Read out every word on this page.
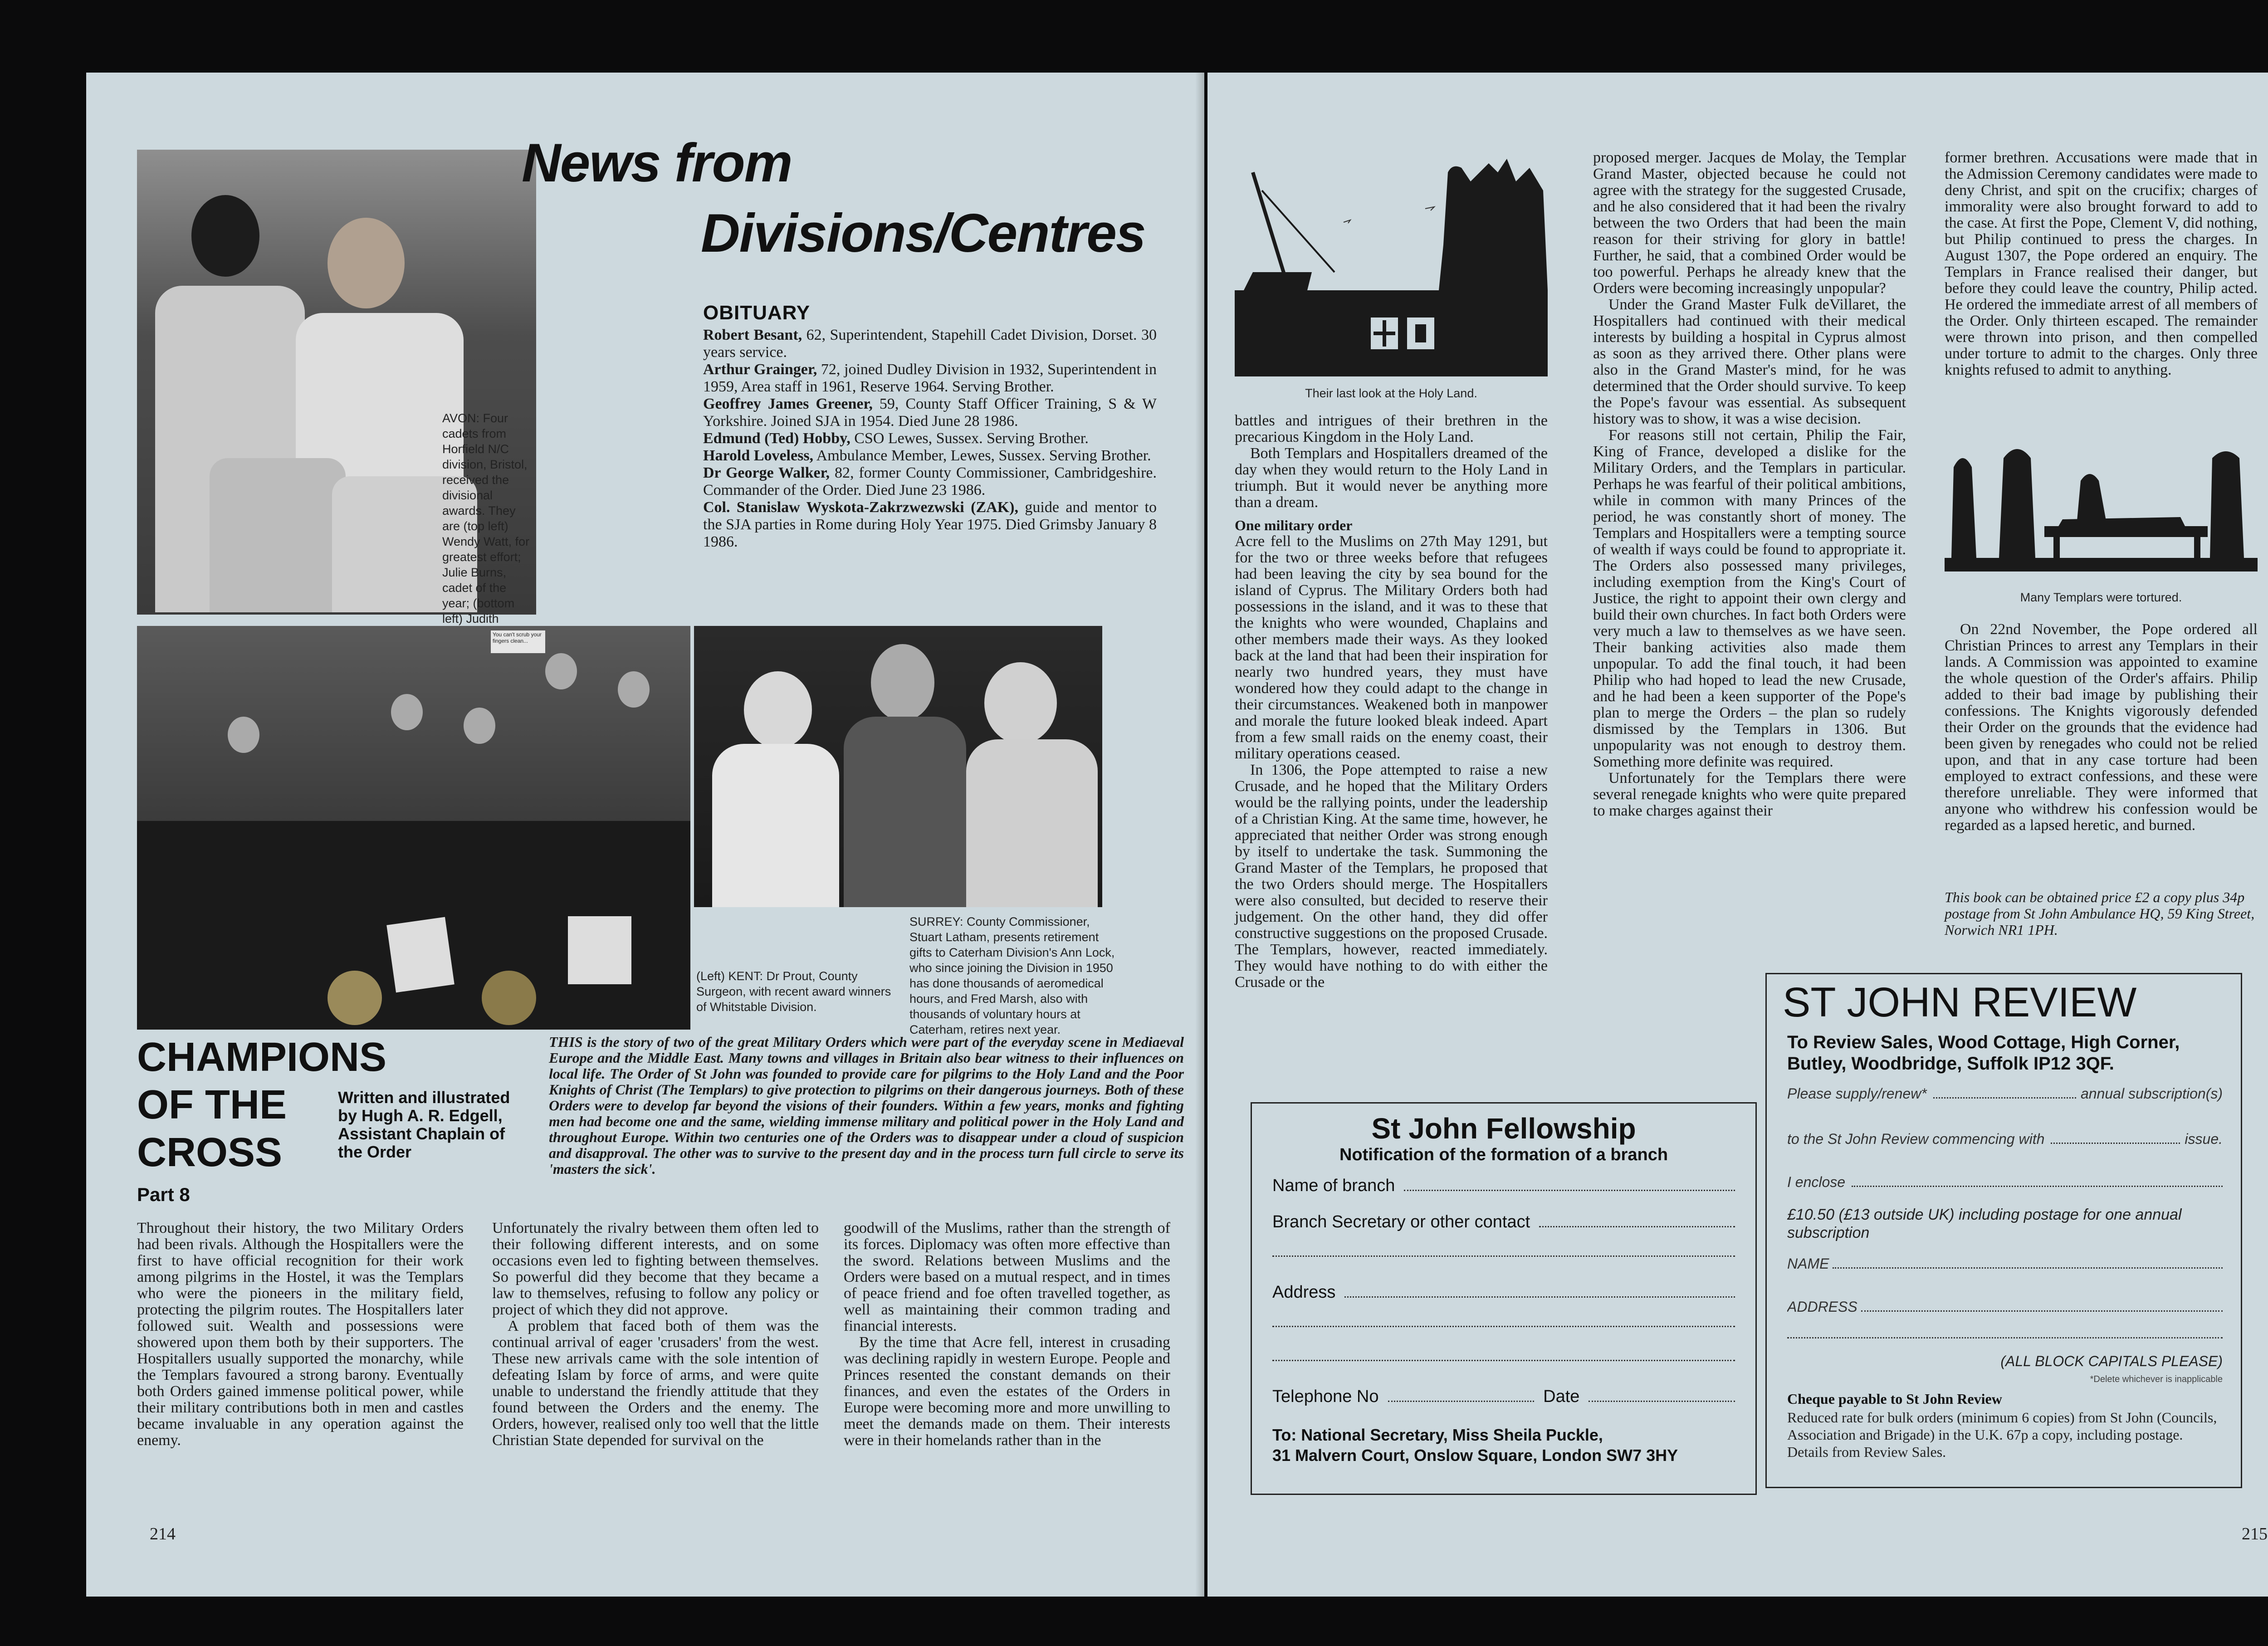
AVON: Four cadets from Horfield N/C division, Bristol, received the divisional awards. They are (top left) Wendy Watt, for greatest effort; Julie Burns, cadet of the year; (bottom left) Judith
News from
Divisions/Centres
OBITUARY

Robert Besant, 62, Superintendent, Stapehill Cadet Division, Dorset. 30 years service.

Arthur Grainger, 72, joined Dudley Division in 1932, Superintendent in 1959, Area staff in 1961, Reserve 1964. Serving Brother.

Geoffrey James Greener, 59, County Staff Officer Training, S & W Yorkshire. Joined SJA in 1954. Died June 28 1986.

Edmund (Ted) Hobby, CSO Lewes, Sussex. Serving Brother.

Harold Loveless, Ambulance Member, Lewes, Sussex. Serving Brother.

Dr George Walker, 82, former County Commissioner, Cambridgeshire. Commander of the Order. Died June 23 1986.

Col. Stanislaw Wyskota-Zakrzwezwski (ZAK), guide and mentor to the SJA parties in Rome during Holy Year 1975. Died Grimsby January 8 1986.

You can't scrub your fingers clean...
(Left) KENT: Dr Prout, County Surgeon, with recent award winners of Whitstable Division.
SURREY: County Commissioner, Stuart Latham, presents retirement gifts to Caterham Division's Ann Lock, who since joining the Division in 1950 has done thousands of aeromedical hours, and Fred Marsh, also with thousands of voluntary hours at Caterham, retires next year.
CHAMPIONS
OF THE
CROSS
Part 8
Written and illustrated by Hugh A. R. Edgell, Assistant Chaplain of the Order
THIS is the story of two of the great Military Orders which were part of the everyday scene in Mediaeval Europe and the Middle East. Many towns and villages in Britain also bear witness to their influences on local life. The Order of St John was founded to provide care for pilgrims to the Holy Land and the Poor Knights of Christ (The Templars) to give protection to pilgrims on their dangerous journeys. Both of these Orders were to develop far beyond the visions of their founders. Within a few years, monks and fighting men had become one and the same, wielding immense military and political power in the Holy Land and throughout Europe. Within two centuries one of the Orders was to disappear under a cloud of suspicion and disapproval. The other was to survive to the present day and in the process turn full circle to serve its 'masters the sick'.

Throughout their history, the two Military Orders had been rivals. Although the Hospitallers were the first to have official recognition for their work among pilgrims in the Hostel, it was the Templars who were the pioneers in the military field, protecting the pilgrim routes. The Hospitallers later followed suit. Wealth and possessions were showered upon them both by their supporters. The Hospitallers usually supported the monarchy, while the Templars favoured a strong barony. Eventually both Orders gained immense political power, while their military contributions both in men and castles became invaluable in any operation against the enemy.

Unfortunately the rivalry between them often led to their following different interests, and on some occasions even led to fighting between themselves. So powerful did they become that they became a law to themselves, refusing to follow any policy or project of which they did not approve.

A problem that faced both of them was the continual arrival of eager 'crusaders' from the west. These new arrivals came with the sole intention of defeating Islam by force of arms, and were quite unable to understand the friendly attitude that they found between the Orders and the enemy. The Orders, however, realised only too well that the little Christian State depended for survival on the

goodwill of the Muslims, rather than the strength of its forces. Diplomacy was often more effective than the sword. Relations between Muslims and the Orders were based on a mutual respect, and in times of peace friend and foe often travelled together, as well as maintaining their common trading and financial interests.

By the time that Acre fell, interest in crusading was declining rapidly in western Europe. People and Princes resented the constant demands on their finances, and even the estates of the Orders in Europe were becoming more and more unwilling to meet the demands made on them. Their interests were in their homelands rather than in the

214
Their last look at the Holy Land.

battles and intrigues of their brethren in the precarious Kingdom in the Holy Land.

Both Templars and Hospitallers dreamed of the day when they would return to the Holy Land in triumph. But it would never be anything more than a dream.

One military order

Acre fell to the Muslims on 27th May 1291, but for the two or three weeks before that refugees had been leaving the city by sea bound for the island of Cyprus. The Military Orders both had possessions in the island, and it was to these that the knights who were wounded, Chaplains and other members made their ways. As they looked back at the land that had been their inspiration for nearly two hundred years, they must have wondered how they could adapt to the change in their circumstances. Weakened both in manpower and morale the future looked bleak indeed. Apart from a few small raids on the enemy coast, their military operations ceased.

In 1306, the Pope attempted to raise a new Crusade, and he hoped that the Military Orders would be the rallying points, under the leadership of a Christian King. At the same time, however, he appreciated that neither Order was strong enough by itself to undertake the task. Summoning the Grand Master of the Templars, he proposed that the two Orders should merge. The Hospitallers were also consulted, but decided to reserve their judgement. On the other hand, they did offer constructive suggestions on the proposed Crusade. The Templars, however, reacted immediately. They would have nothing to do with either the Crusade or the

proposed merger. Jacques de Molay, the Templar Grand Master, objected because he could not agree with the strategy for the suggested Crusade, and he also considered that it had been the rivalry between the two Orders that had been the main reason for their striving for glory in battle! Further, he said, that a combined Order would be too powerful. Perhaps he already knew that the Orders were becoming increasingly unpopular?

Under the Grand Master Fulk deVillaret, the Hospitallers had continued with their medical interests by building a hospital in Cyprus almost as soon as they arrived there. Other plans were also in the Grand Master's mind, for he was determined that the Order should survive. To keep the Pope's favour was essential. As subsequent history was to show, it was a wise decision.

For reasons still not certain, Philip the Fair, King of France, developed a dislike for the Military Orders, and the Templars in particular. Perhaps he was fearful of their political ambitions, while in common with many Princes of the period, he was constantly short of money. The Templars and Hospitallers were a tempting source of wealth if ways could be found to appropriate it. The Orders also possessed many privileges, including exemption from the King's Court of Justice, the right to appoint their own clergy and build their own churches. In fact both Orders were very much a law to themselves as we have seen. Their banking activities also made them unpopular. To add the final touch, it had been Philip who had hoped to lead the new Crusade, and he had been a keen supporter of the Pope's plan to merge the Orders – the plan so rudely dismissed by the Templars in 1306. But unpopularity was not enough to destroy them. Something more definite was required.

Unfortunately for the Templars there were several renegade knights who were quite prepared to make charges against their

former brethren. Accusations were made that in the Admission Ceremony candidates were made to deny Christ, and spit on the crucifix; charges of immorality were also brought forward to add to the case. At first the Pope, Clement V, did nothing, but Philip continued to press the charges. In August 1307, the Pope ordered an enquiry. The Templars in France realised their danger, but before they could leave the country, Philip acted. He ordered the immediate arrest of all members of the Order. Only thirteen escaped. The remainder were thrown into prison, and then compelled under torture to admit to the charges. Only three knights refused to admit to anything.

Many Templars were tortured.

On 22nd November, the Pope ordered all Christian Princes to arrest any Templars in their lands. A Commission was appointed to examine the whole question of the Order's affairs. Philip added to their bad image by publishing their confessions. The Knights vigorously defended their Order on the grounds that the evidence had been given by renegades who could not be relied upon, and that in any case torture had been employed to extract confessions, and these were therefore unreliable. They were informed that anyone who withdrew his confession would be regarded as a lapsed heretic, and burned.

This book can be obtained price £2 a copy plus 34p postage from St John Ambulance HQ, 59 King Street, Norwich NR1 1PH.
St John Fellowship
Notification of the formation of a branch
Name of branch
Branch Secretary or other contact
Address
Telephone No	Date
To: National Secretary, Miss Sheila Puckle,
31 Malvern Court, Onslow Square, London SW7 3HY
ST JOHN REVIEW
To Review Sales, Wood Cottage, High Corner,
Butley, Woodbridge, Suffolk IP12 3QF.
Please supply/renew*	annual subscription(s)
to the St John Review commencing with	issue.
I enclose
£10.50 (£13 outside UK) including postage for one annual subscription
NAME
ADDRESS
(ALL BLOCK CAPITALS PLEASE)
*Delete whichever is inapplicable
Cheque payable to St John Review
Reduced rate for bulk orders (minimum 6 copies) from St John (Councils, Association and Brigade) in the U.K. 67p a copy, including postage. Details from Review Sales.
215
